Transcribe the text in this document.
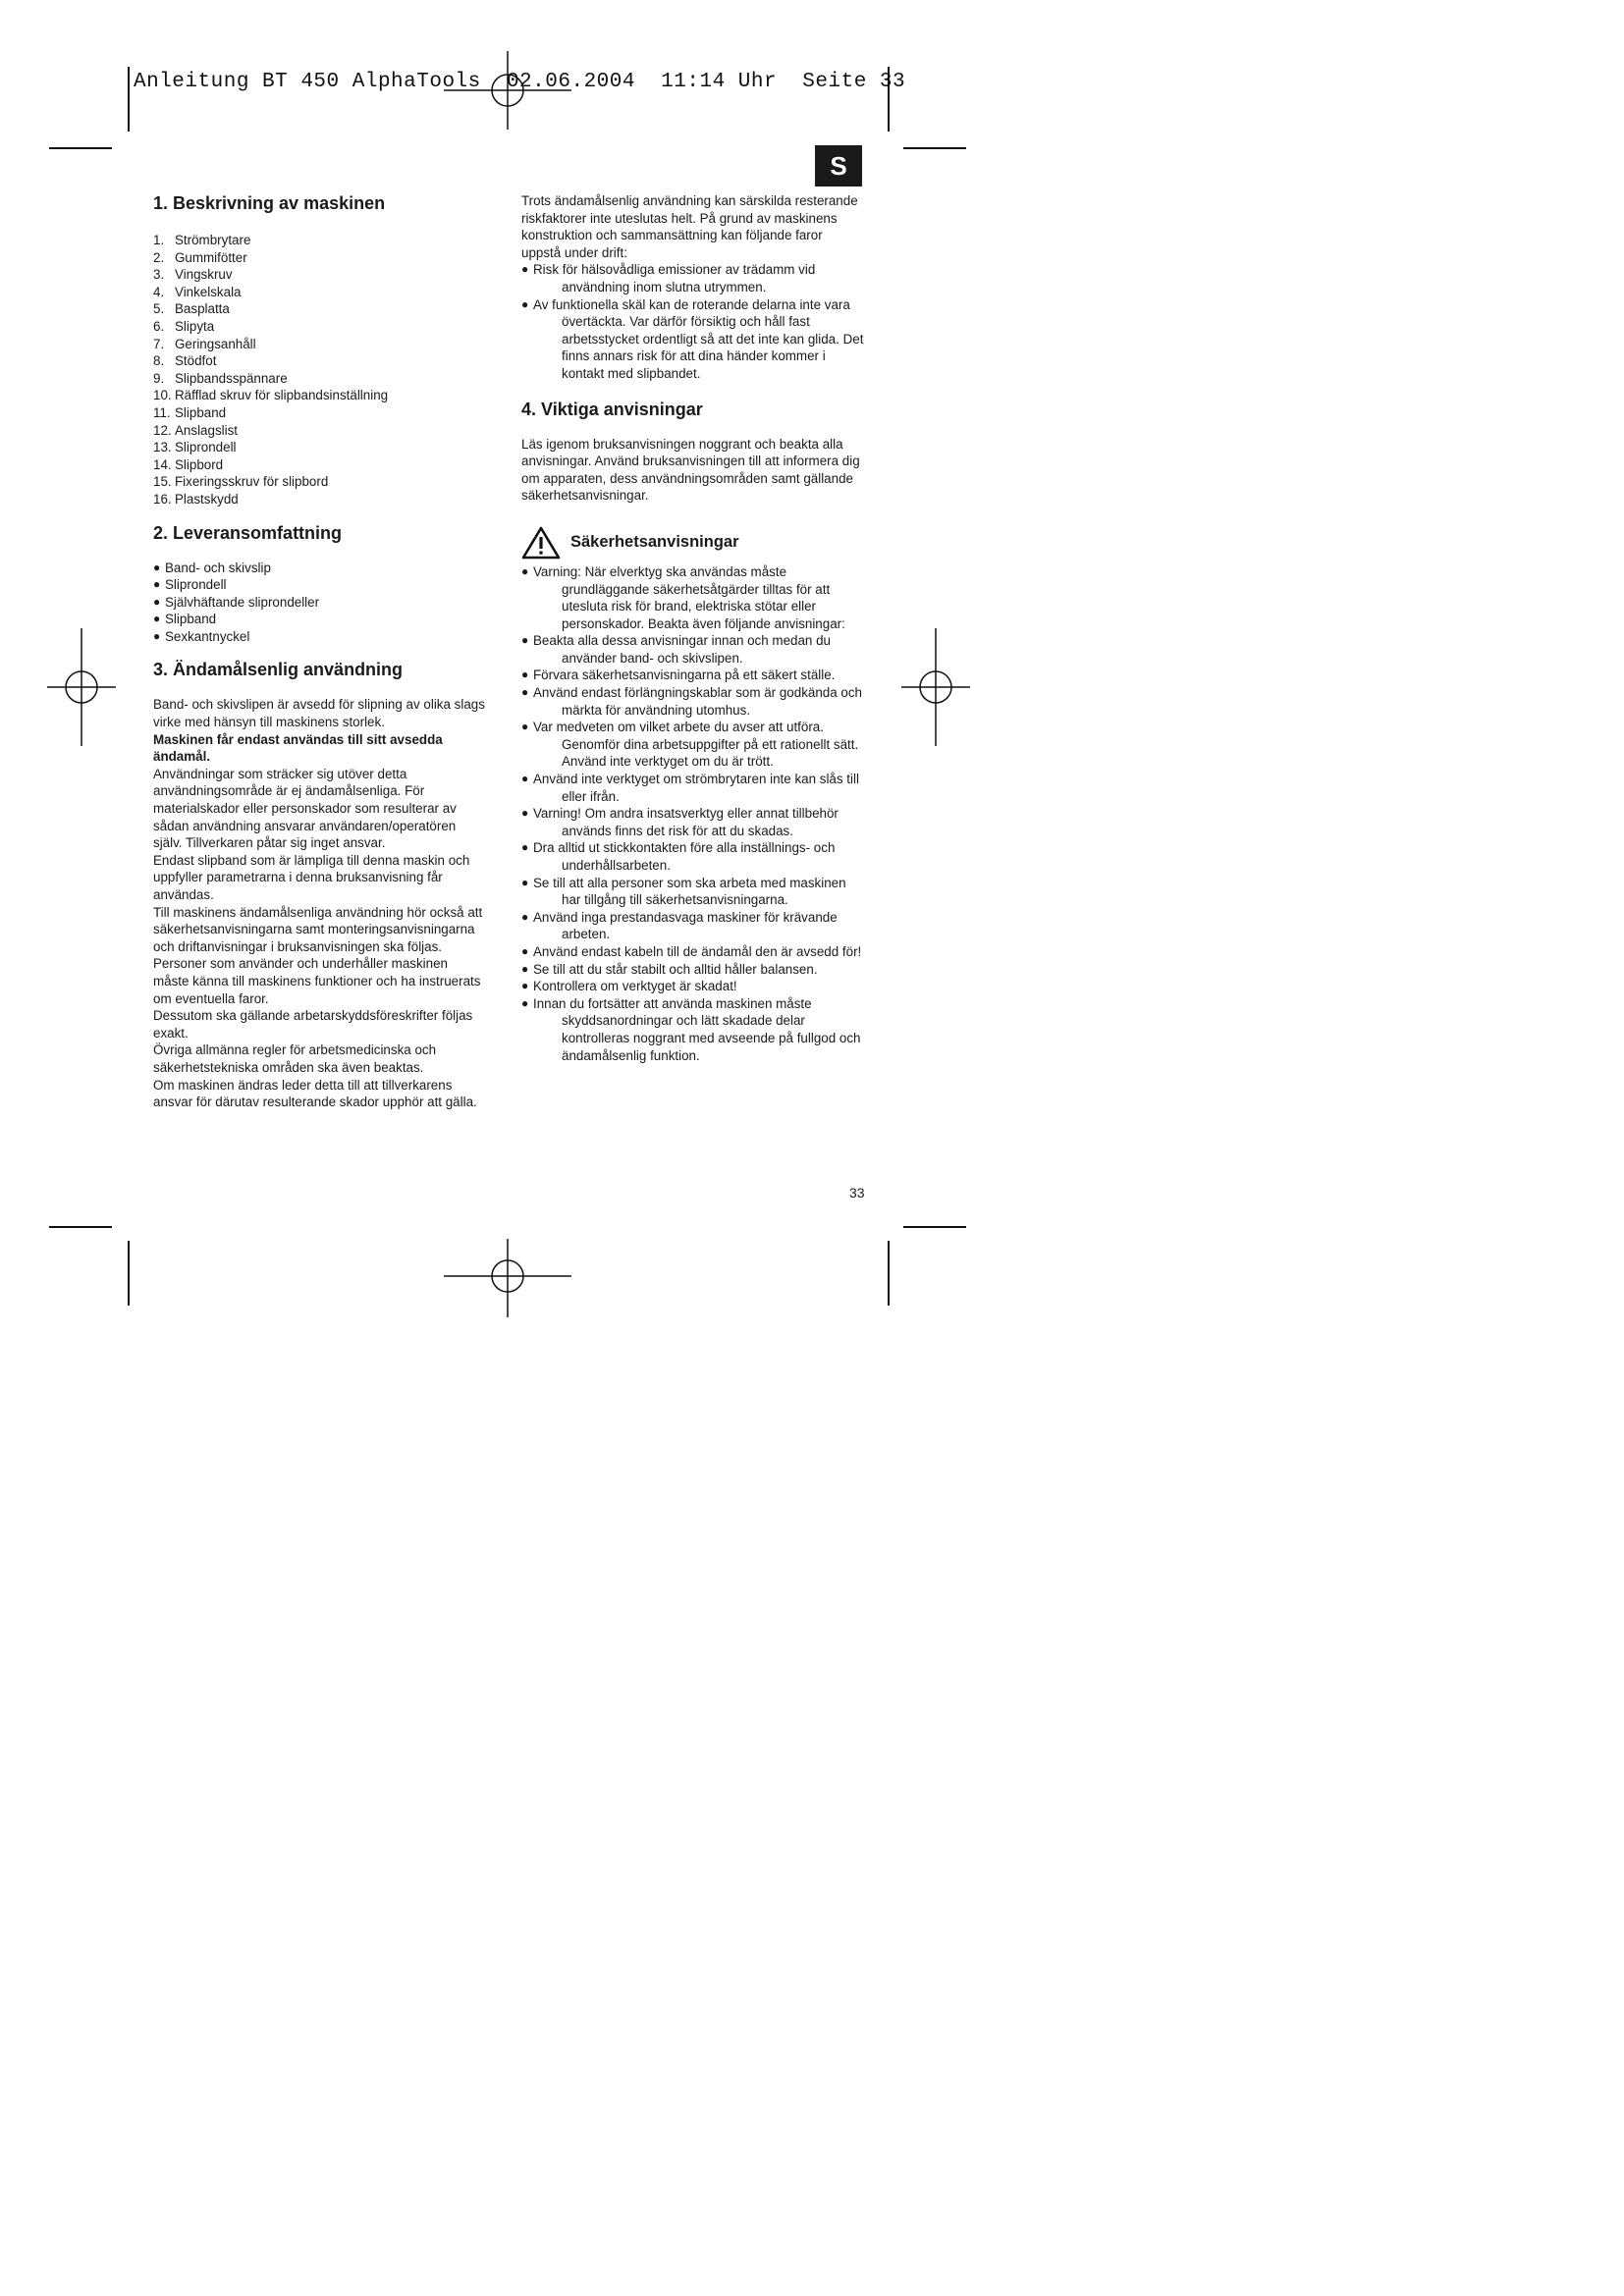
Anleitung BT 450 AlphaTools  02.06.2004  11:14 Uhr  Seite 33
S
1. Beskrivning av maskinen
1. Strömbrytare
2. Gummifötter
3. Vingskruv
4. Vinkelskala
5. Basplatta
6. Slipyta
7. Geringsanhåll
8. Stödfot
9. Slipbandsspännare
10. Räfflad skruv för slipbandsinställning
11. Slipband
12. Anslagslist
13. Sliprondell
14. Slipbord
15. Fixeringsskruv för slipbord
16. Plastskydd
2. Leveransomfattning
● Band- och skivslip
● Sliprondell
● Självhäftande sliprondeller
● Slipband
● Sexkantnyckel
3. Ändamålsenlig användning

Band- och skivslipen är avsedd för slipning av olika slags virke med hänsyn till maskinens storlek.

Maskinen får endast användas till sitt avsedda ändamål.

Användningar som sträcker sig utöver detta användningsområde är ej ändamålsenliga. För materialskador eller personskador som resulterar av sådan användning ansvarar användaren/operatören själv. Tillverkaren påtar sig inget ansvar.

Endast slipband som är lämpliga till denna maskin och uppfyller parametrarna i denna bruksanvisning får användas.

Till maskinens ändamålsenliga användning hör också att säkerhetsanvisningarna samt monteringsanvisningarna och driftanvisningar i bruksanvisningen ska följas.

Personer som använder och underhåller maskinen måste känna till maskinens funktioner och ha instruerats om eventuella faror.

Dessutom ska gällande arbetarskyddsföreskrifter följas exakt.

Övriga allmänna regler för arbetsmedicinska och säkerhetstekniska områden ska även beaktas.

Om maskinen ändras leder detta till att tillverkarens ansvar för därutav resulterande skador upphör att gälla.

Trots ändamålsenlig användning kan särskilda resterande riskfaktorer inte uteslutas helt. På grund av maskinens konstruktion och sammansättning kan följande faror uppstå under drift:

● Risk för hälsovådliga emissioner av trädamm vid användning inom slutna utrymmen.
● Av funktionella skäl kan de roterande delarna inte vara övertäckta. Var därför försiktig och håll fast arbetsstycket ordentligt så att det inte kan glida. Det finns annars risk för att dina händer kommer i kontakt med slipbandet.
4. Viktiga anvisningar

Läs igenom bruksanvisningen noggrant och beakta alla anvisningar. Använd bruksanvisningen till att informera dig om apparaten, dess användningsområden samt gällande säkerhetsanvisningar.

Säkerhetsanvisningar
● Varning: När elverktyg ska användas måste grundläggande säkerhetsåtgärder tilltas för att utesluta risk för brand, elektriska stötar eller personskador. Beakta även följande anvisningar:
● Beakta alla dessa anvisningar innan och medan du använder band- och skivslipen.
● Förvara säkerhetsanvisningarna på ett säkert ställe.
● Använd endast förlängningskablar som är godkända och märkta för användning utomhus.
● Var medveten om vilket arbete du avser att utföra. Genomför dina arbetsuppgifter på ett rationellt sätt. Använd inte verktyget om du är trött.
● Använd inte verktyget om strömbrytaren inte kan slås till eller ifrån.
● Varning! Om andra insatsverktyg eller annat tillbehör används finns det risk för att du skadas.
● Dra alltid ut stickkontakten före alla inställnings- och underhållsarbeten.
● Se till att alla personer som ska arbeta med maskinen har tillgång till säkerhetsanvisningarna.
● Använd inga prestandasvaga maskiner för krävande arbeten.
● Använd endast kabeln till de ändamål den är avsedd för!
● Se till att du står stabilt och alltid håller balansen.
● Kontrollera om verktyget är skadat!
● Innan du fortsätter att använda maskinen måste skyddsanordningar och lätt skadade delar kontrolleras noggrant med avseende på fullgod och ändamålsenlig funktion.
33
